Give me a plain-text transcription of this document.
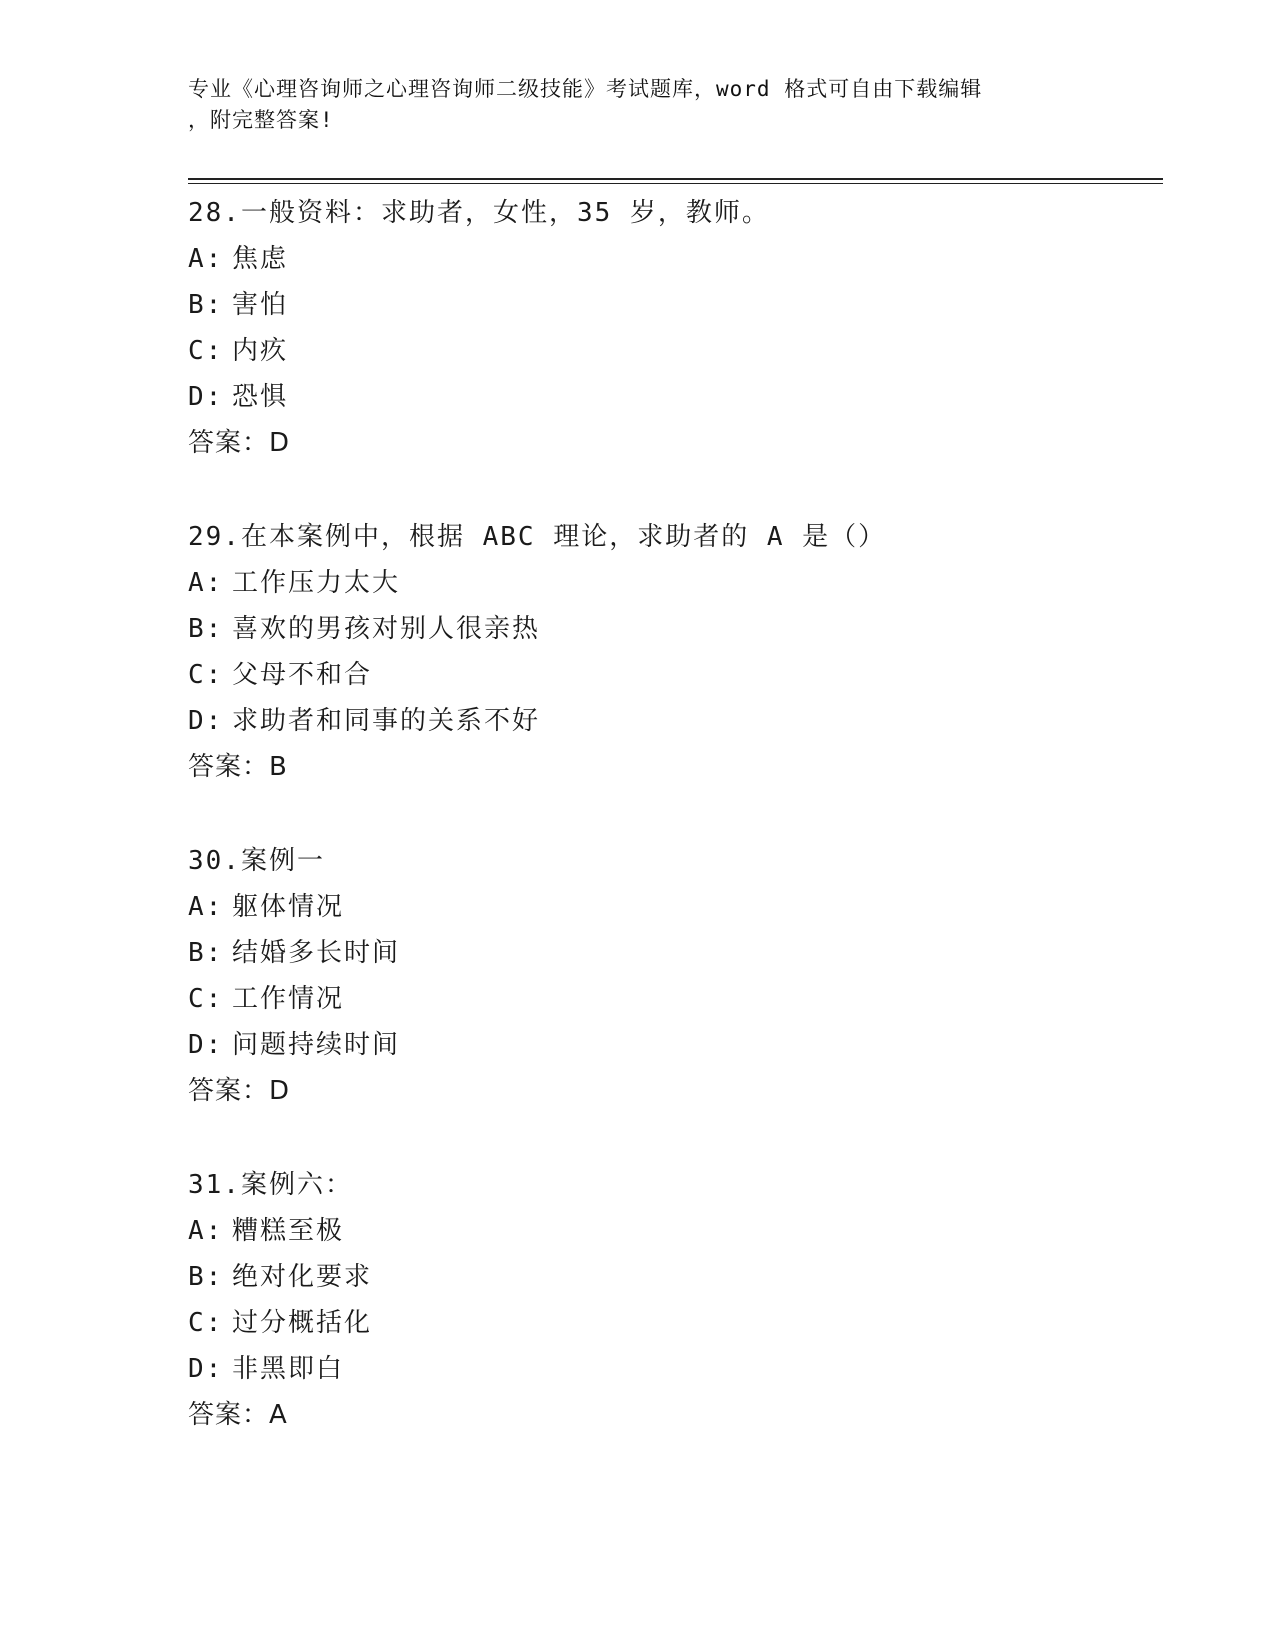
专业《心理咨询师之心理咨询师二级技能》考试题库，word 格式可自由下载编辑
，附完整答案!
28.一般资料：求助者，女性，35 岁，教师。
A: 焦虑
B: 害怕
C: 内疚
D: 恐惧
答案：D
29.在本案例中，根据 ABC 理论，求助者的 A 是（）
A: 工作压力太大
B: 喜欢的男孩对别人很亲热
C: 父母不和合
D: 求助者和同事的关系不好
答案：B
30.案例一
A: 躯体情况
B: 结婚多长时间
C: 工作情况
D: 问题持续时间
答案：D
31.案例六：
A: 糟糕至极
B: 绝对化要求
C: 过分概括化
D: 非黑即白
答案：A
